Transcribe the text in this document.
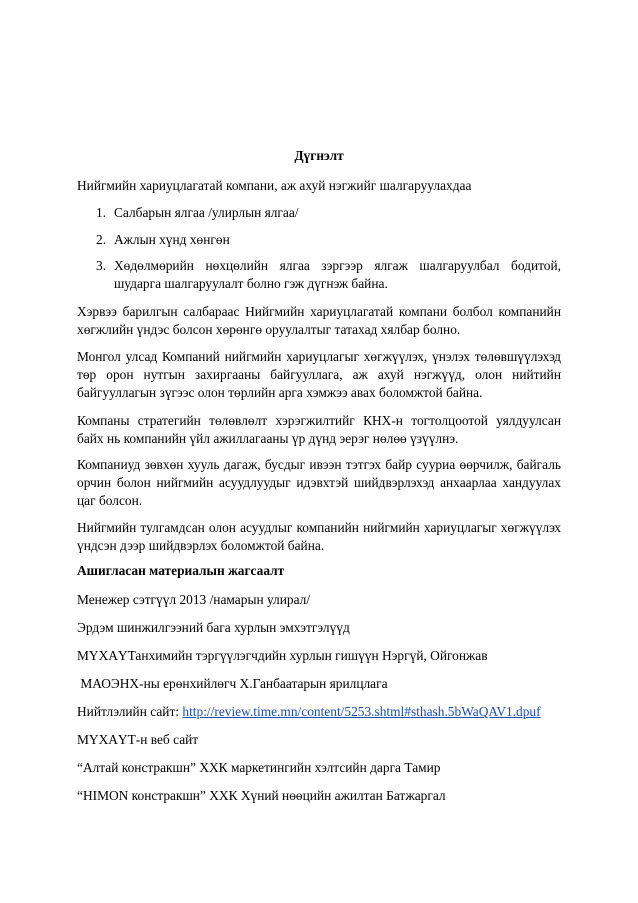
Дүгнэлт
Нийгмийн хариуцлагатай компани, аж ахуй нэгжийг шалгаруулахдаа
1. Салбарын ялгаа /улирлын ялгаа/
2. Ажлын хүнд хөнгөн
3. Хөдөлмөрийн нөхцөлийн ялгаа зэргээр ялгаж шалгаруулбал бодитой, шударга шалгаруулалт болно гэж дүгнэж байна.
Хэрвээ барилгын салбараас Нийгмийн хариуцлагатай компани болбол компанийн хөгжлийн үндэс болсон хөрөнгө оруулалтыг татахад хялбар болно.
Монгол улсад Компаний нийгмийн хариуцлагыг хөгжүүлэх, үнэлэх төлөвшүүлэхэд төр орон нутгын захиргааны байгууллага, аж ахуй нэгжүүд, олон нийтийн байгууллагын зүгээс олон төрлийн арга хэмжээ авах боломжтой байна.
Компаны стратегийн төлөвлөлт хэрэгжилтийг КНХ-н тогтолцоотой уялдуулсан байх нь компанийн үйл ажиллагааны үр дүнд эерэг нөлөө үзүүлнэ.
Компаниуд зөвхөн хууль дагаж, бусдыг ивээн тэтгэх байр сууриа өөрчилж, байгаль орчин болон нийгмийн асуудлуудыг идэвхтэй шийдвэрлэхэд анхаарлаа хандуулах цаг болсон.
Нийгмийн тулгамдсан олон асуудлыг компанийн нийгмийн хариуцлагыг хөгжүүлэх үндсэн дээр шийдвэрлэх боломжтой байна.
Ашигласан материалын жагсаалт
Менежер сэтгүүл 2013 /намарын улирал/
Эрдэм шинжилгээний бага хурлын эмхэтгэлүүд
МҮХАҮТанхимийн тэргүүлэгчдийн хурлын гишүүн Нэргүй, Ойгонжав
МАОЭНХ-ны ерөнхийлөгч Х.Ганбаатарын ярилцлага
Нийтлэлийн сайт: http://review.time.mn/content/5253.shtml#sthash.5bWaQAV1.dpuf
МҮХАҮТ-н веб сайт
“Алтай констракшн” ХХК маркетингийн хэлтсийн дарга Тамир
“HIMON констракшн” ХХК Хүний нөөцийн ажилтан Батжаргал
